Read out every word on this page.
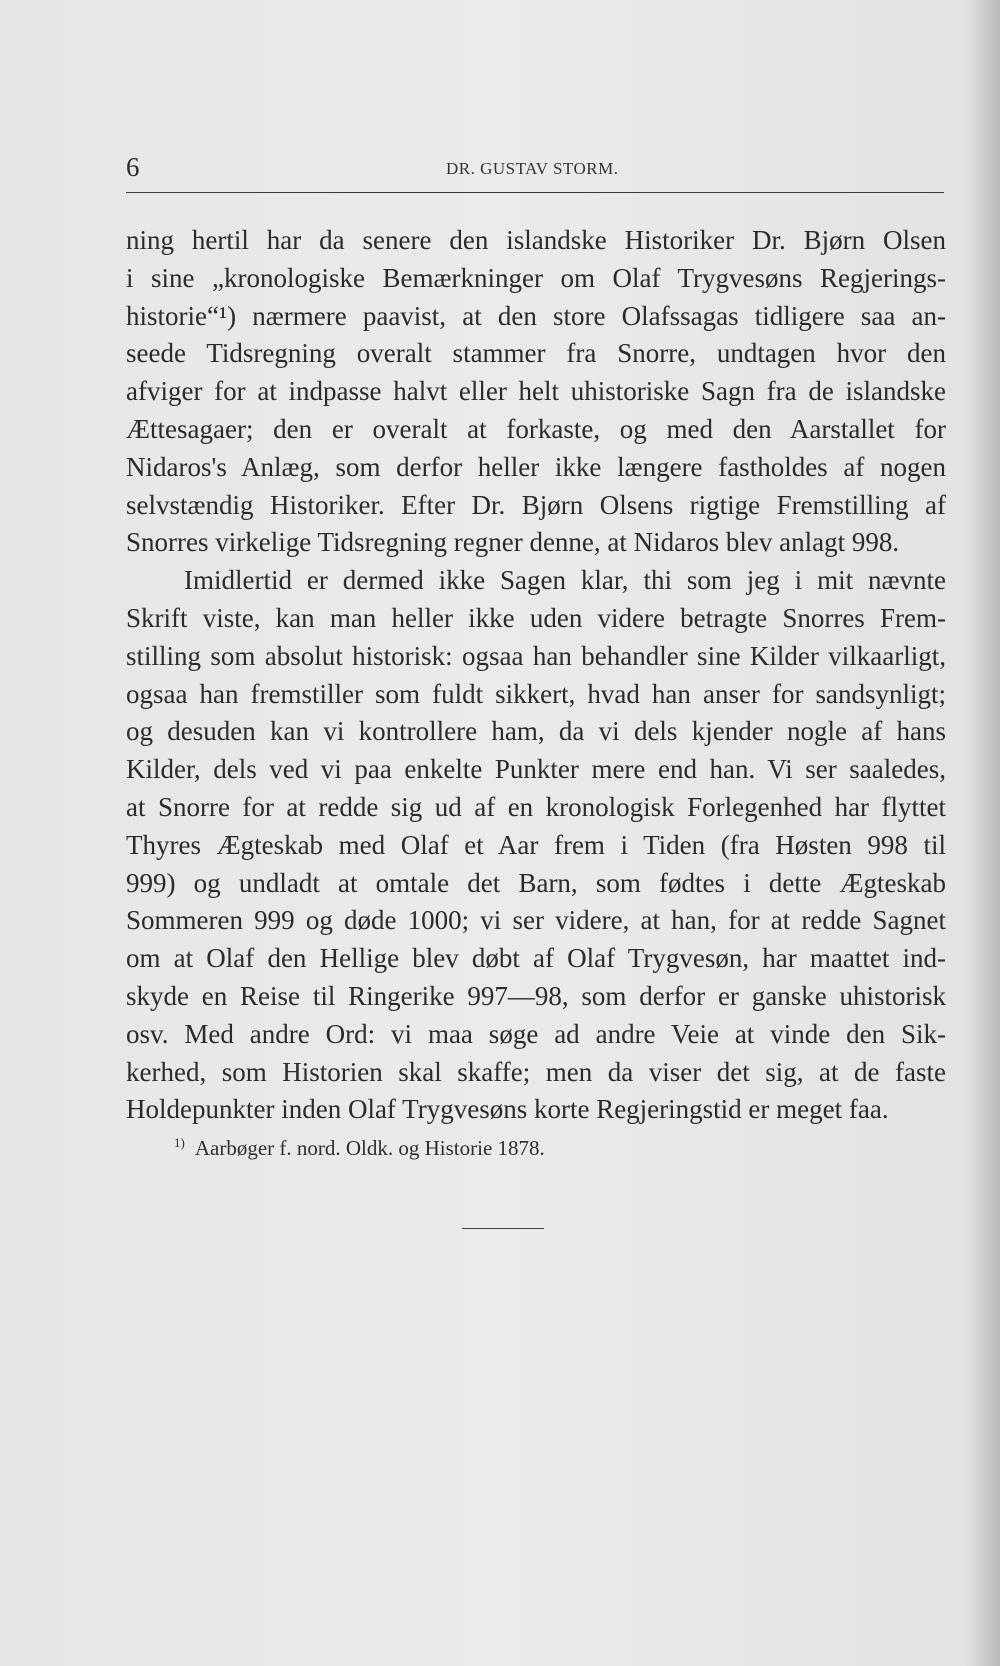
6	DR. GUSTAV STORM.
ning hertil har da senere den islandske Historiker Dr. Bjørn Olsen
i sine „kronologiske Bemærkninger om Olaf Trygvesøns Regjerings-
historie“¹) nærmere paavist, at den store Olafssagas tidligere saa an-
seede Tidsregning overalt stammer fra Snorre, undtagen hvor den
afviger for at indpasse halvt eller helt uhistoriske Sagn fra de islandske
Ættesagaer; den er overalt at forkaste, og med den Aarstallet for
Nidaros's Anlæg, som derfor heller ikke længere fastholdes af nogen
selvstændig Historiker. Efter Dr. Bjørn Olsens rigtige Fremstilling af
Snorres virkelige Tidsregning regner denne, at Nidaros blev anlagt 998.
Imidlertid er dermed ikke Sagen klar, thi som jeg i mit nævnte
Skrift viste, kan man heller ikke uden videre betragte Snorres Frem-
stilling som absolut historisk: ogsaa han behandler sine Kilder vilkaarligt,
ogsaa han fremstiller som fuldt sikkert, hvad han anser for sandsynligt;
og desuden kan vi kontrollere ham, da vi dels kjender nogle af hans
Kilder, dels ved vi paa enkelte Punkter mere end han. Vi ser saaledes,
at Snorre for at redde sig ud af en kronologisk Forlegenhed har flyttet
Thyres Ægteskab med Olaf et Aar frem i Tiden (fra Høsten 998 til
999) og undladt at omtale det Barn, som fødtes i dette Ægteskab
Sommeren 999 og døde 1000; vi ser videre, at han, for at redde Sagnet
om at Olaf den Hellige blev døbt af Olaf Trygvesøn, har maattet ind-
skyde en Reise til Ringerike 997—98, som derfor er ganske uhistorisk
osv. Med andre Ord: vi maa søge ad andre Veie at vinde den Sik-
kerhed, som Historien skal skaffe; men da viser det sig, at de faste
Holdepunkter inden Olaf Trygvesøns korte Regjeringstid er meget faa.
$^{1)}$ Aarbøger f. nord. Oldk. og Historie 1878.
